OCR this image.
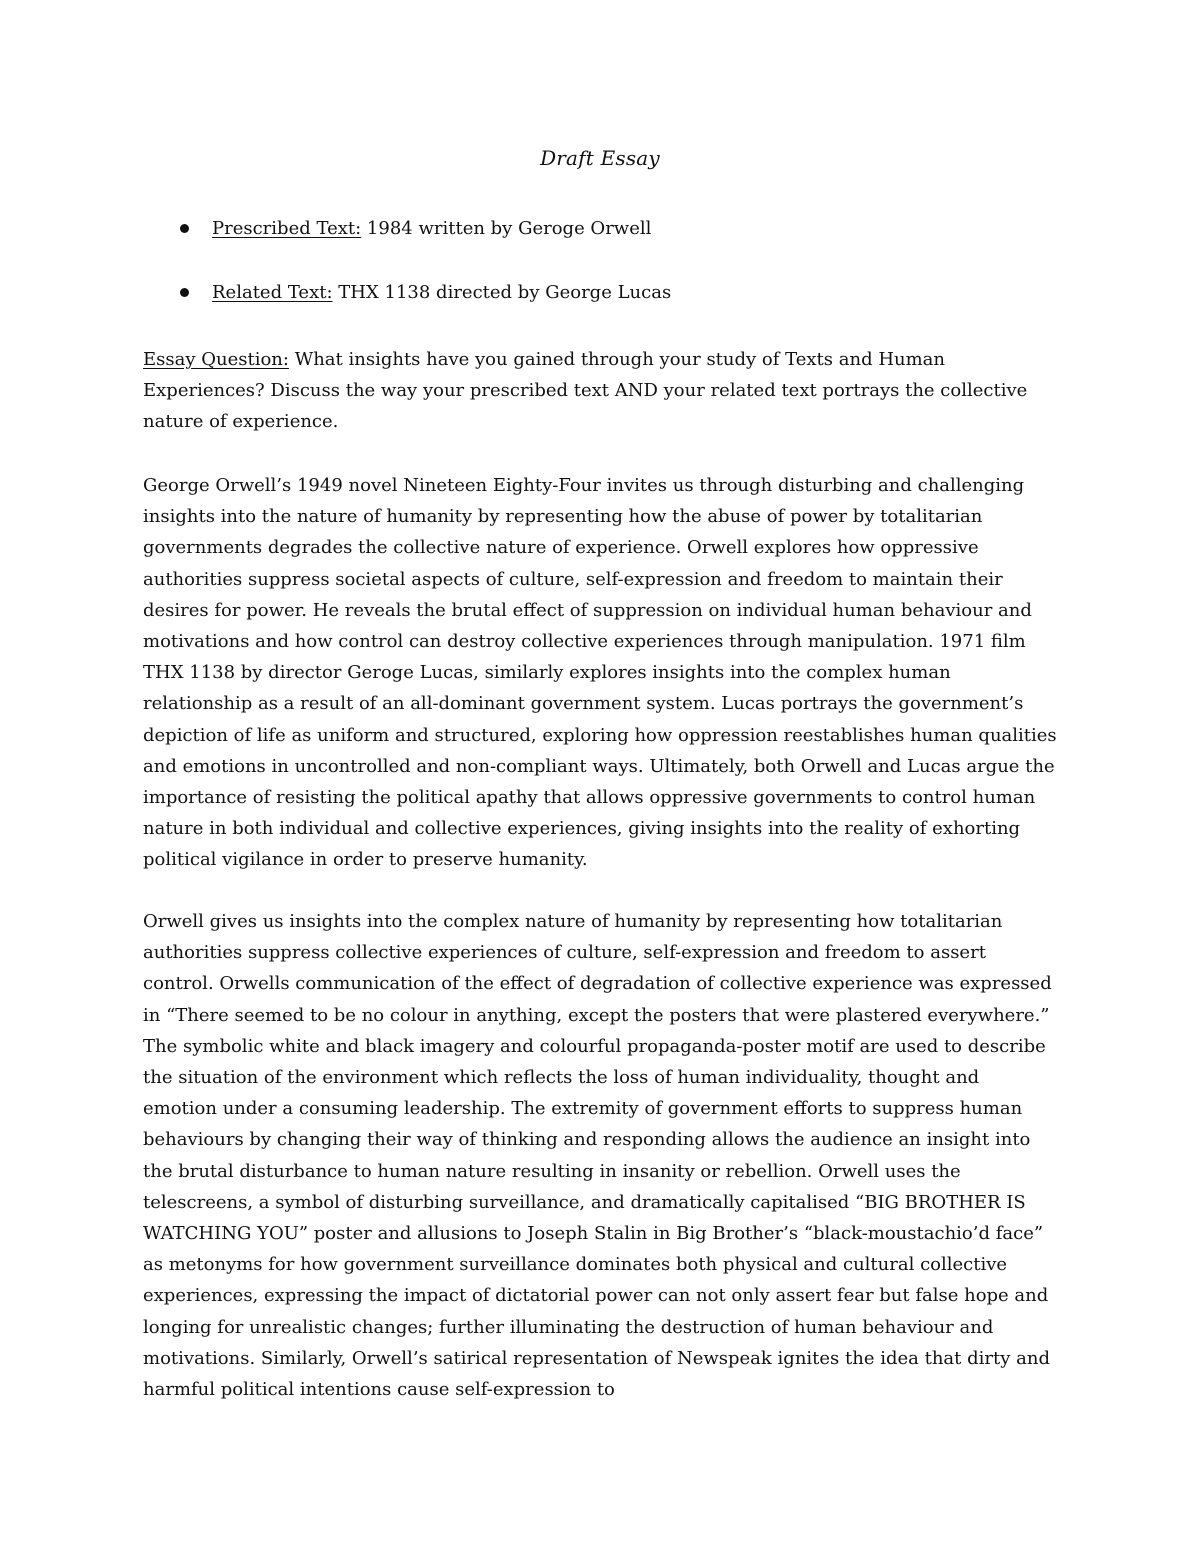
Draft Essay
Prescribed Text: 1984 written by Geroge Orwell
Related Text: THX 1138 directed by George Lucas

Essay Question: What insights have you gained through your study of Texts and Human Experiences? Discuss the way your prescribed text AND your related text portrays the collective nature of experience.

George Orwell’s 1949 novel Nineteen Eighty-Four invites us through disturbing and challenging insights into the nature of humanity by representing how the abuse of power by totalitarian governments degrades the collective nature of experience. Orwell explores how oppressive authorities suppress societal aspects of culture, self-expression and freedom to maintain their desires for power. He reveals the brutal effect of suppression on individual human behaviour and motivations and how control can destroy collective experiences through manipulation. 1971 film THX 1138 by director Geroge Lucas, similarly explores insights into the complex human relationship as a result of an all-dominant government system. Lucas portrays the government’s depiction of life as uniform and structured, exploring how oppression reestablishes human qualities and emotions in uncontrolled and non-compliant ways. Ultimately, both Orwell and Lucas argue the importance of resisting the political apathy that allows oppressive governments to control human nature in both individual and collective experiences, giving insights into the reality of exhorting political vigilance in order to preserve humanity.

Orwell gives us insights into the complex nature of humanity by representing how totalitarian authorities suppress collective experiences of culture, self-expression and freedom to assert control. Orwells communication of the effect of degradation of collective experience was expressed in “There seemed to be no colour in anything, except the posters that were plastered everywhere.” The symbolic white and black imagery and colourful propaganda-poster motif are used to describe the situation of the environment which reflects the loss of human individuality, thought and emotion under a consuming leadership. The extremity of government efforts to suppress human behaviours by changing their way of thinking and responding allows the audience an insight into the brutal disturbance to human nature resulting in insanity or rebellion. Orwell uses the telescreens, a symbol of disturbing surveillance, and dramatically capitalised “BIG BROTHER IS WATCHING YOU” poster and allusions to Joseph Stalin in Big Brother’s “black-moustachio’d face” as metonyms for how government surveillance dominates both physical and cultural collective experiences, expressing the impact of dictatorial power can not only assert fear but false hope and longing for unrealistic changes; further illuminating the destruction of human behaviour and motivations. Similarly, Orwell’s satirical representation of Newspeak ignites the idea that dirty and harmful political intentions cause self-expression to
